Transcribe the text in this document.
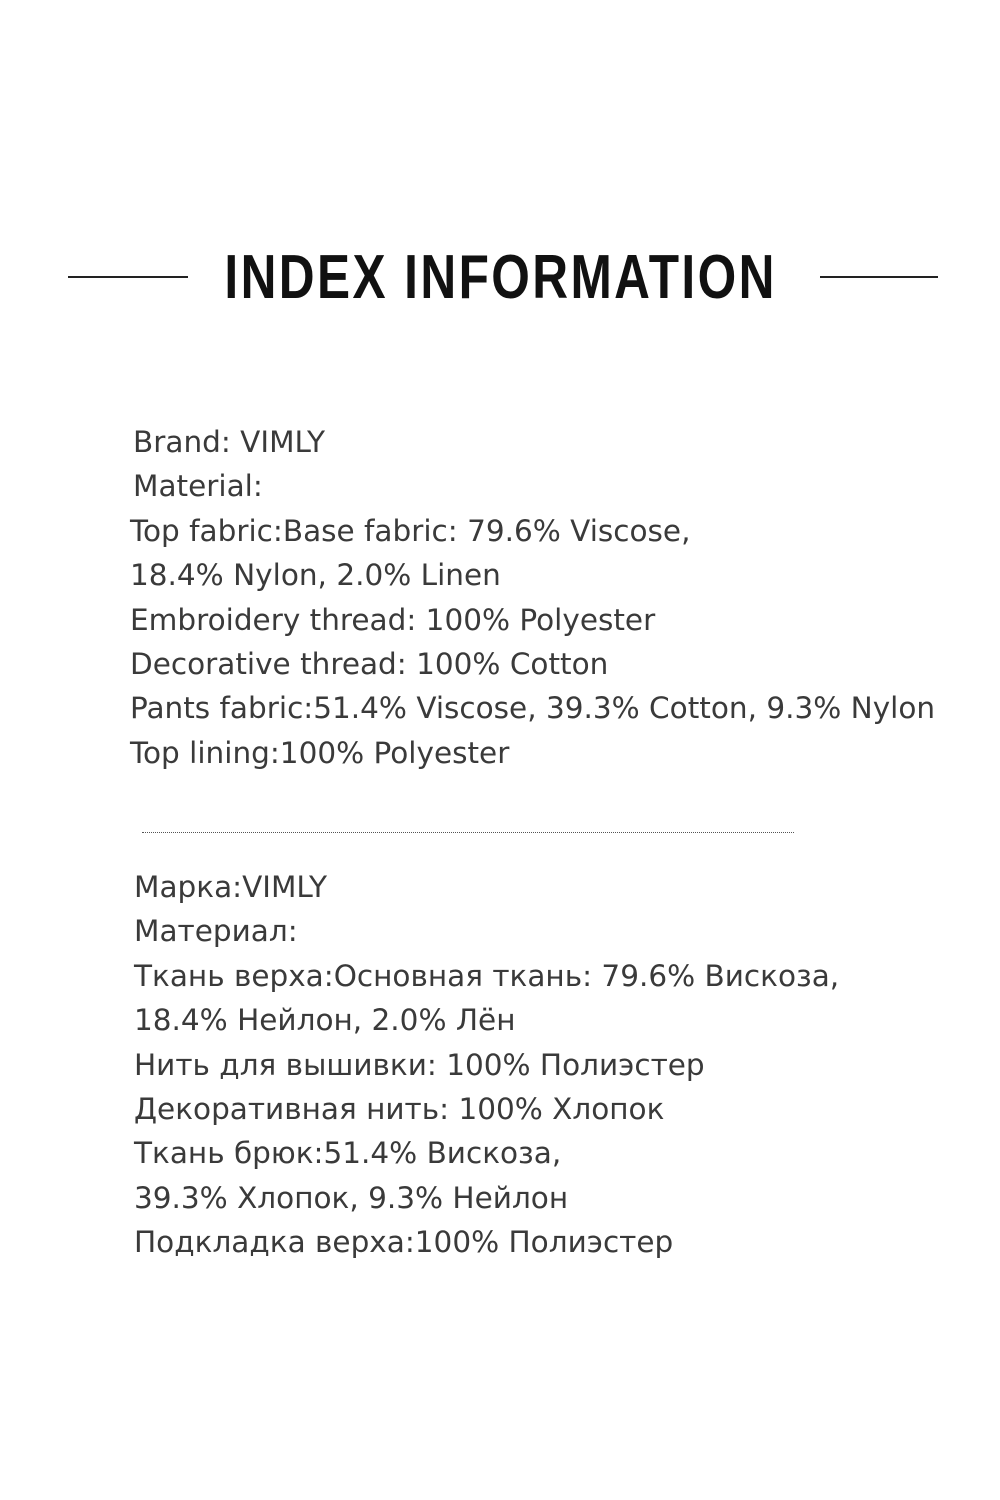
INDEX INFORMATION
Brand: VIMLY
Material:
Top fabric:Base fabric: 79.6% Viscose,
18.4% Nylon, 2.0% Linen
Embroidery thread: 100% Polyester
Decorative thread: 100% Cotton
Pants fabric:51.4% Viscose, 39.3% Cotton, 9.3% Nylon
Top lining:100% Polyester
Марка:VIMLY
Материал:
Ткань верха:Основная ткань: 79.6% Вискоза,
18.4% Нейлон, 2.0% Лён
Нить для вышивки: 100% Полиэстер
Декоративная нить: 100% Хлопок
Ткань брюк:51.4% Вискоза,
39.3% Хлопок, 9.3% Нейлон
Подкладка верха:100% Полиэстер
